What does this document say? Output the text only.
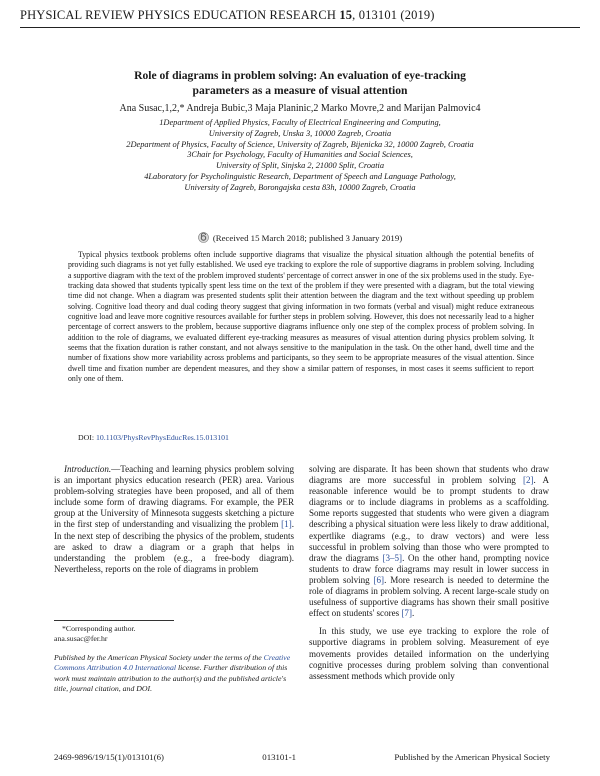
PHYSICAL REVIEW PHYSICS EDUCATION RESEARCH 15, 013101 (2019)
Role of diagrams in problem solving: An evaluation of eye-tracking
parameters as a measure of visual attention
Ana Susac,1,2,* Andreja Bubic,3 Maja Planinic,2 Marko Movre,2 and Marijan Palmovic4
1Department of Applied Physics, Faculty of Electrical Engineering and Computing,
University of Zagreb, Unska 3, 10000 Zagreb, Croatia
2Department of Physics, Faculty of Science, University of Zagreb, Bijenicka 32, 10000 Zagreb, Croatia
3Chair for Psychology, Faculty of Humanities and Social Sciences,
University of Split, Sinjska 2, 21000 Split, Croatia
4Laboratory for Psycholinguistic Research, Department of Speech and Language Pathology,
University of Zagreb, Borongajska cesta 83h, 10000 Zagreb, Croatia
(Received 15 March 2018; published 3 January 2019)
Typical physics textbook problems often include supportive diagrams that visualize the physical situation although the potential benefits of providing such diagrams is not yet fully established. We used eye tracking to explore the role of supportive diagrams in problem solving. Including a supportive diagram with the text of the problem improved students' percentage of correct answer in one of the six problems used in the study. Eye-tracking data showed that students typically spent less time on the text of the problem if they were presented with a diagram, but the total viewing time did not change. When a diagram was presented students split their attention between the diagram and the text without speeding up problem solving. Cognitive load theory and dual coding theory suggest that giving information in two formats (verbal and visual) might reduce extraneous cognitive load and leave more cognitive resources available for further steps in problem solving. However, this does not necessarily lead to a higher percentage of correct answers to the problem, because supportive diagrams influence only one step of the complex process of problem solving. In addition to the role of diagrams, we evaluated different eye-tracking measures as measures of visual attention during physics problem solving. It seems that the fixation duration is rather constant, and not always sensitive to the manipulation in the task. On the other hand, dwell time and the number of fixations show more variability across problems and participants, so they seem to be appropriate measures of the visual attention. Since dwell time and fixation number are dependent measures, and they show a similar pattern of responses, in most cases it seems sufficient to report only one of them.
DOI: 10.1103/PhysRevPhysEducRes.15.013101

Introduction.—Teaching and learning physics problem solving is an important physics education research (PER) area. Various problem-solving strategies have been proposed, and all of them include some form of drawing diagrams. For example, the PER group at the University of Minnesota suggests sketching a picture in the first step of understanding and visualizing the problem [1]. In the next step of describing the physics of the problem, students are asked to draw a diagram or a graph that helps in understanding the problem (e.g., a free-body diagram). Nevertheless, reports on the role of diagrams in problem

solving are disparate. It has been shown that students who draw diagrams are more successful in problem solving [2]. A reasonable inference would be to prompt students to draw diagrams or to include diagrams in problems as a scaffolding. Some reports suggested that students who were given a diagram describing a physical situation were less likely to draw additional, expertlike diagrams (e.g., to draw vectors) and were less successful in problem solving than those who were prompted to draw the diagrams [3–5]. On the other hand, prompting novice students to draw force diagrams may result in lower success in problem solving [6]. More research is needed to determine the role of diagrams in problem solving. A recent large-scale study on usefulness of supportive diagrams has shown their small positive effect on students' scores [7].

In this study, we use eye tracking to explore the role of supportive diagrams in problem solving. Measurement of eye movements provides detailed information on the underlying cognitive processes during problem solving than conventional assessment methods which provide only

*Corresponding author.
ana.susac@fer.hr
Published by the American Physical Society under the terms of the Creative Commons Attribution 4.0 International license. Further distribution of this work must maintain attribution to the author(s) and the published article's title, journal citation, and DOI.
2469-9896/19/15(1)/013101(6)	013101-1	Published by the American Physical Society
